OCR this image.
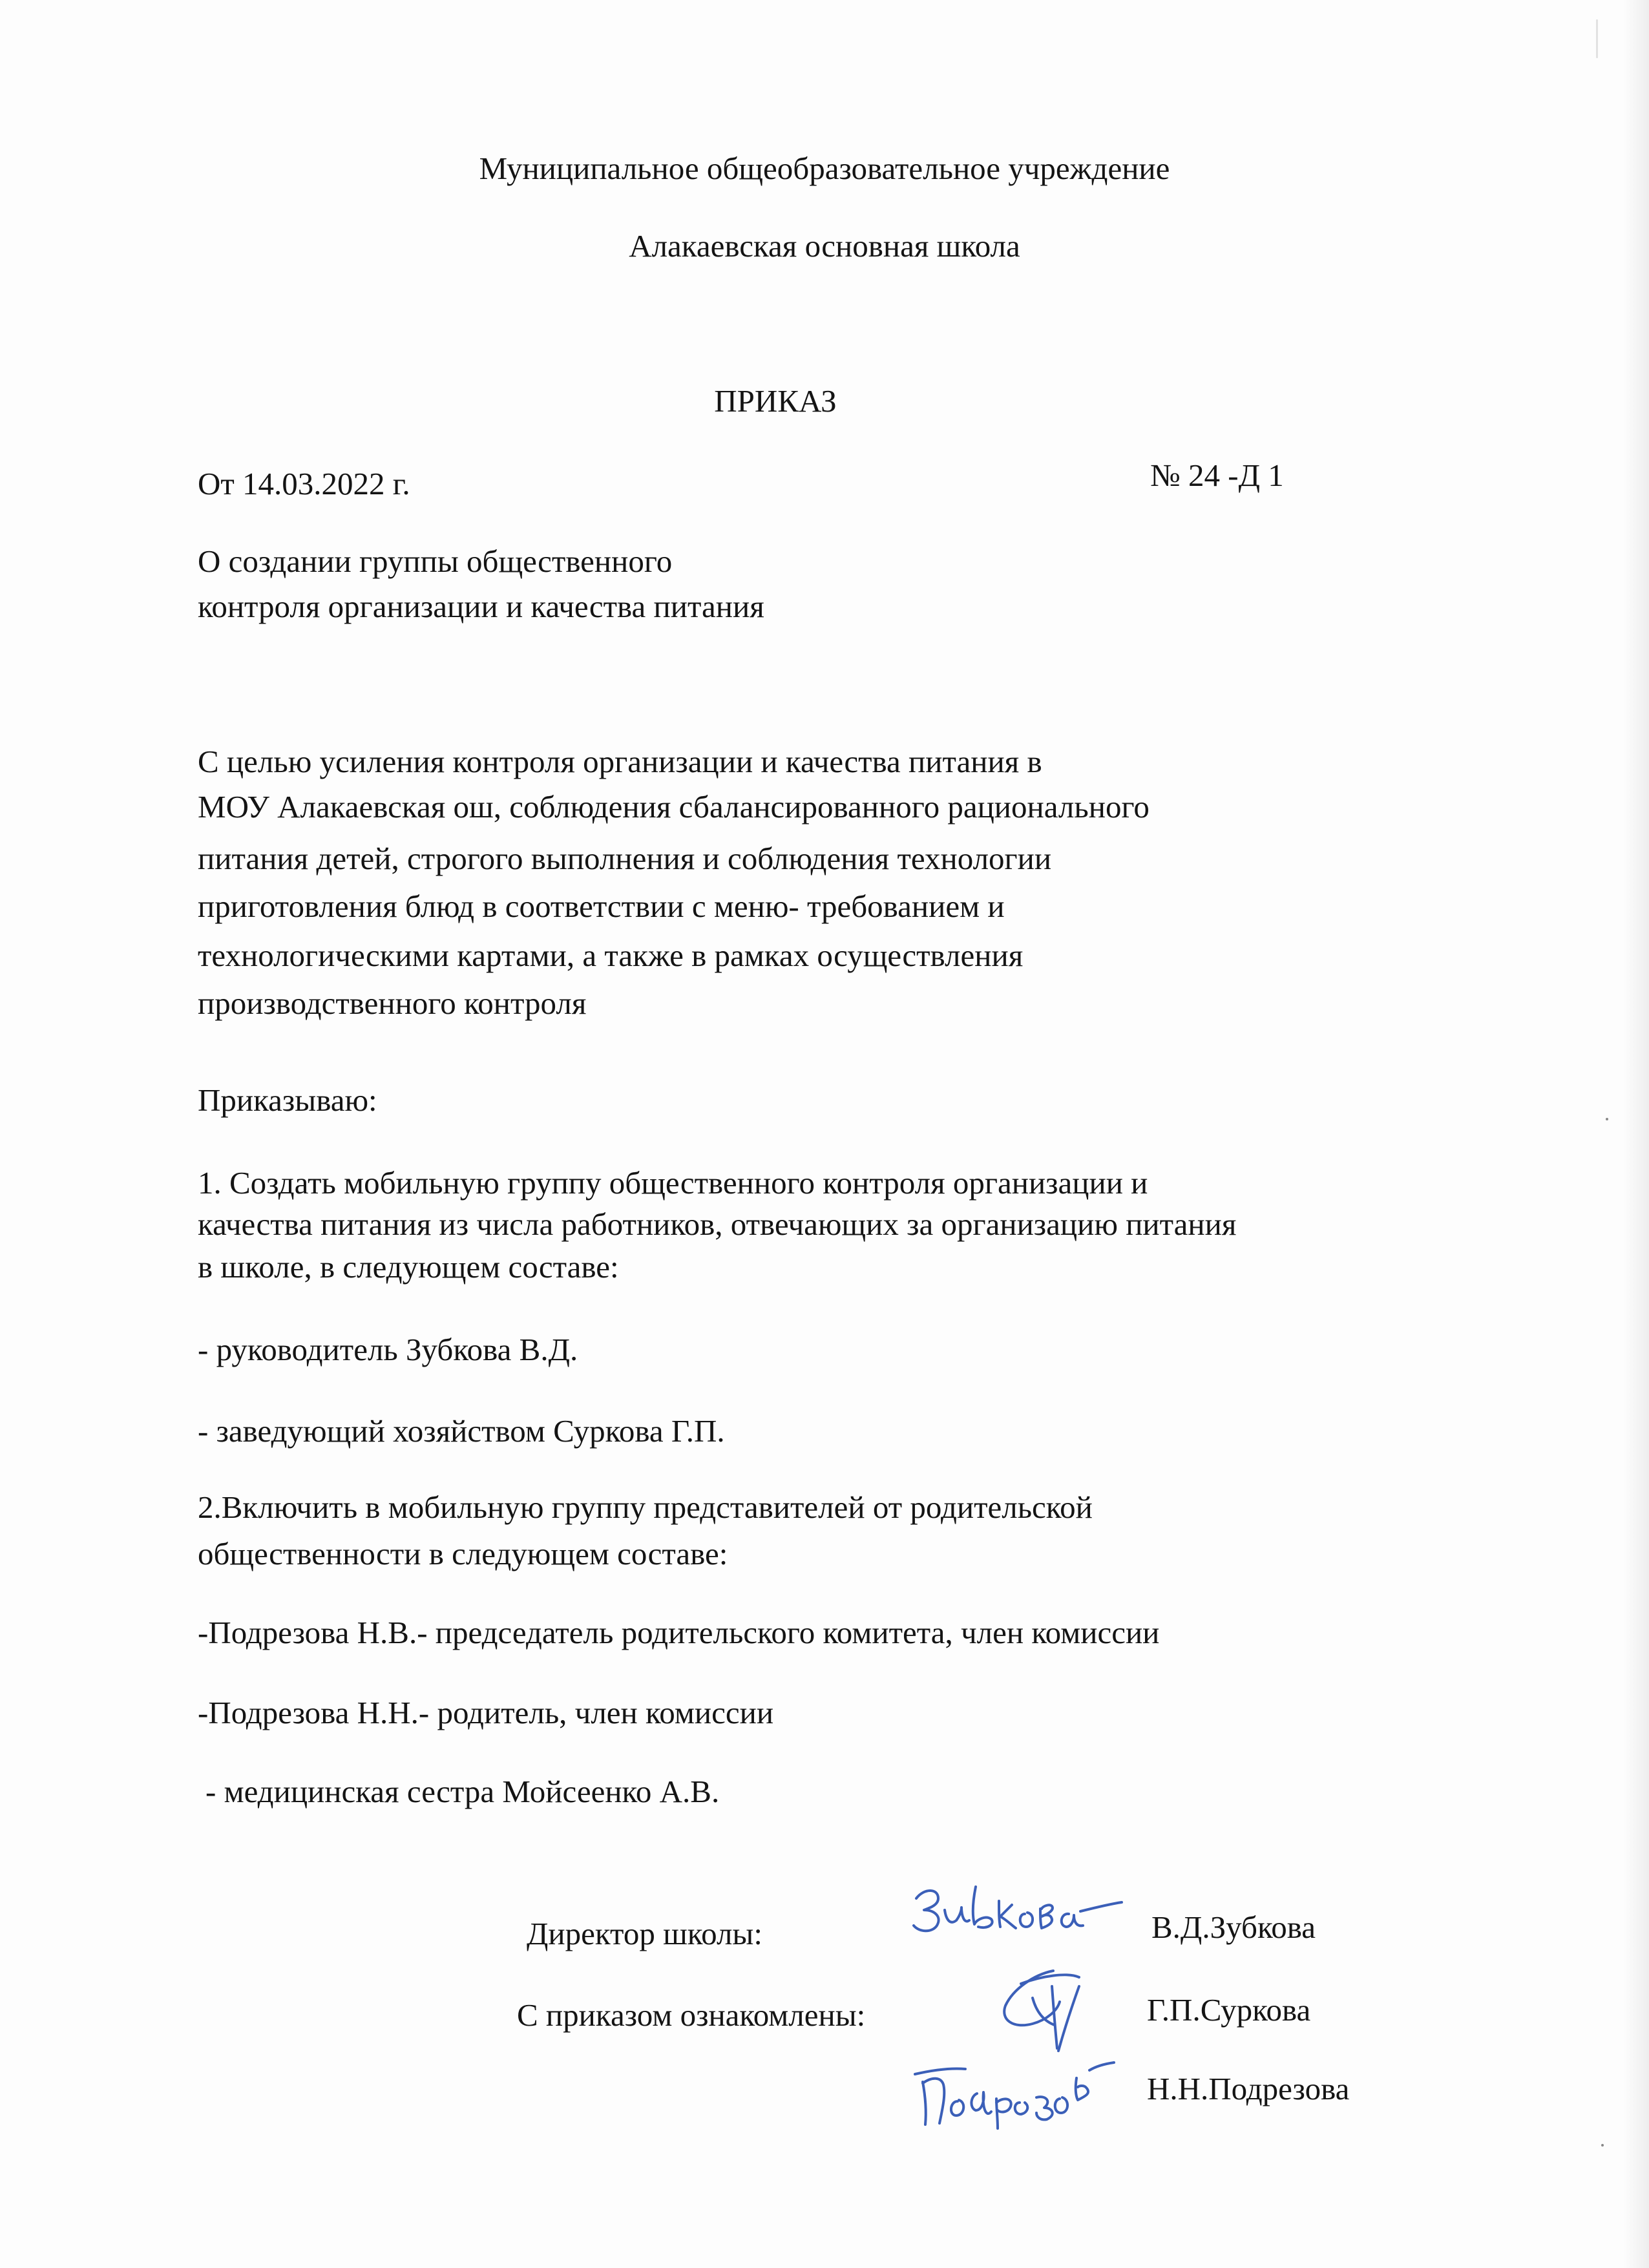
Муниципальное общеобразовательное учреждение
Алакаевская основная школа
ПРИКАЗ
От 14.03.2022 г.	№ 24 -Д 1
О создании группы общественного
контроля организации и качества питания
С целью усиления контроля организации и качества питания в
МОУ Алакаевская ош, соблюдения сбалансированного рационального
питания детей, строгого выполнения и соблюдения технологии
приготовления блюд в соответствии с меню- требованием и
технологическими картами, а также в рамках осуществления
производственного контроля
Приказываю:
1. Создать мобильную группу общественного контроля организации и
качества питания из числа работников, отвечающих за организацию питания
в школе, в следующем составе:
- руководитель Зубкова В.Д.
- заведующий хозяйством Суркова Г.П.
2.Включить в мобильную группу представителей от родительской
общественности в следующем составе:
-Подрезова Н.В.- председатель родительского комитета, член комиссии
-Подрезова Н.Н.- родитель, член комиссии
- медицинская сестра Мойсеенко А.В.
Директор школы:	В.Д.Зубкова
С приказом ознакомлены:	Г.П.Суркова
Н.Н.Подрезова
